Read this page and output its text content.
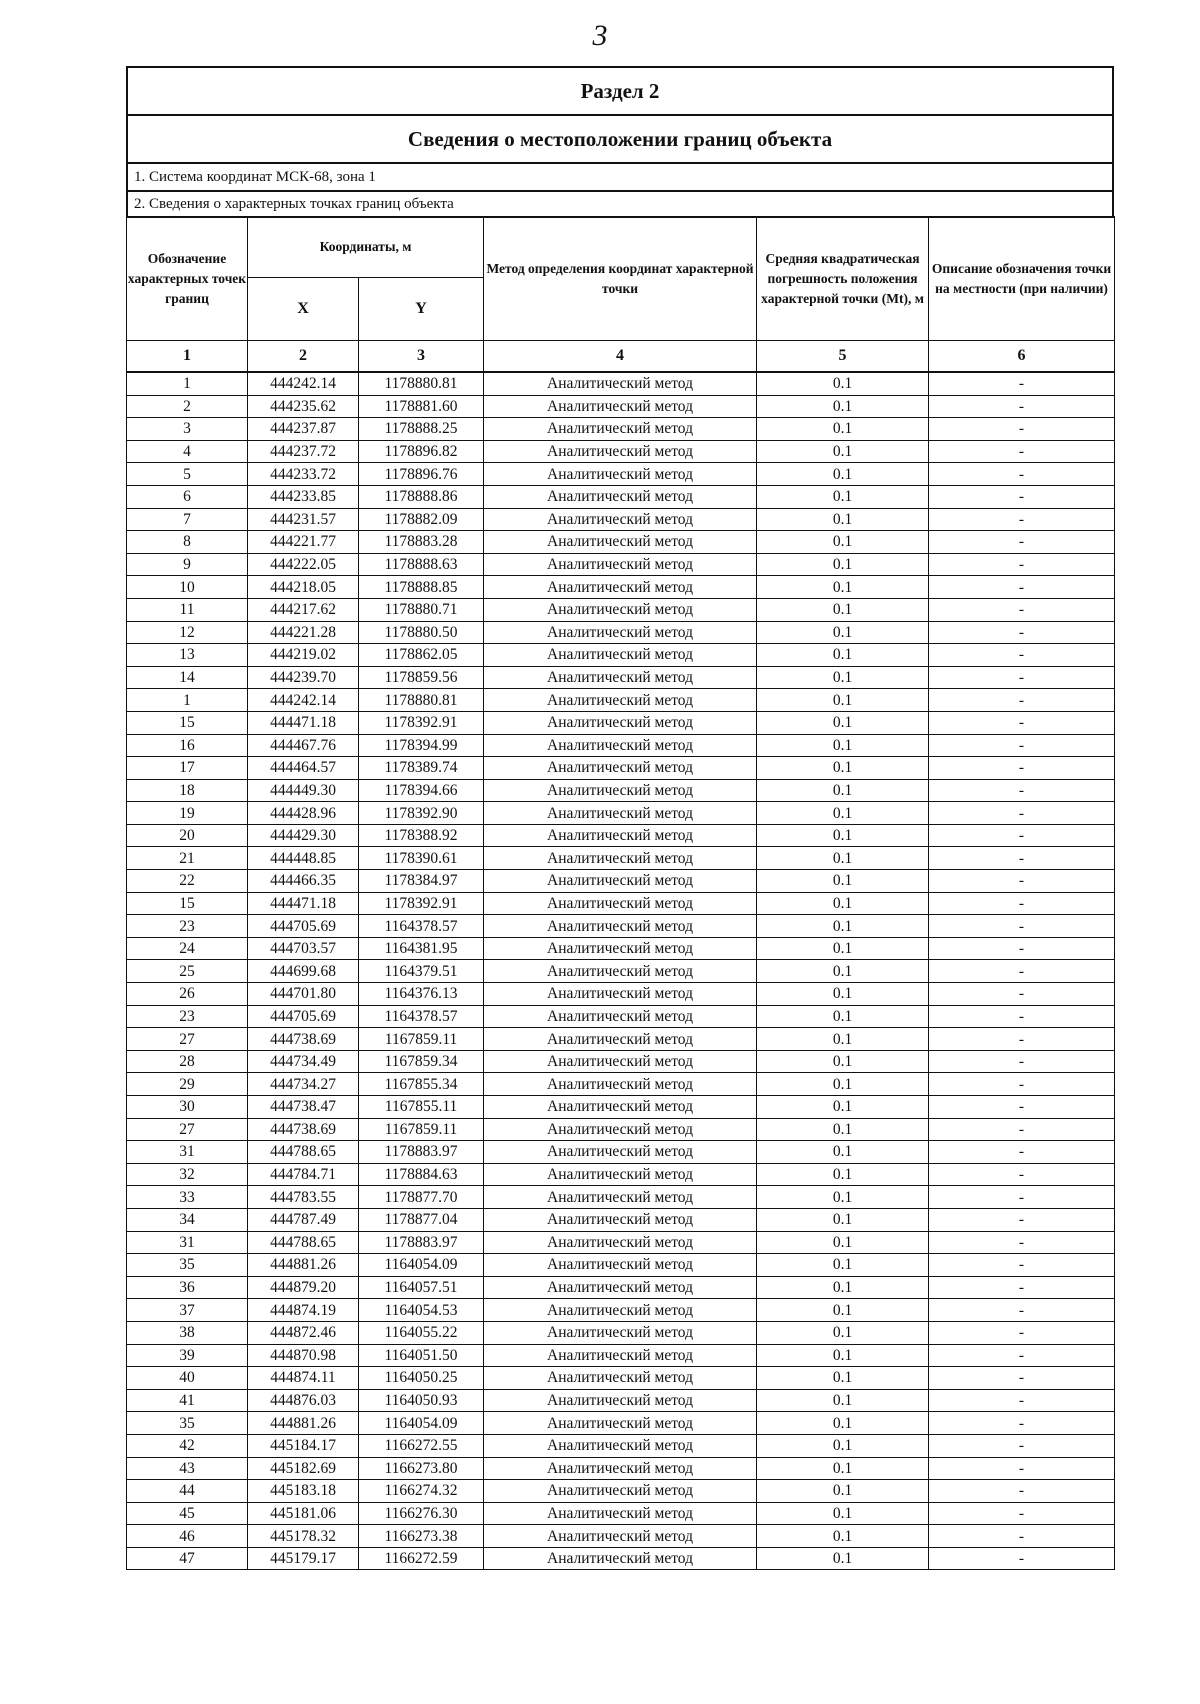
3
Раздел 2
Сведения о местоположении границ объекта
1. Система координат МСК-68, зона 1
2. Сведения о характерных точках границ объекта
Обозначение характерных точек границ	Координаты, м		Метод определения координат характерной точки	Средняя квадратическая погрешность положения характерной точки (Mt), м	Описание обозначения точки на местности (при наличии)
	X	Y			
1	2	3	4	5	6
1	444242.14	1178880.81	Аналитический метод	0.1	-
2	444235.62	1178881.60	Аналитический метод	0.1	-
3	444237.87	1178888.25	Аналитический метод	0.1	-
4	444237.72	1178896.82	Аналитический метод	0.1	-
5	444233.72	1178896.76	Аналитический метод	0.1	-
6	444233.85	1178888.86	Аналитический метод	0.1	-
7	444231.57	1178882.09	Аналитический метод	0.1	-
8	444221.77	1178883.28	Аналитический метод	0.1	-
9	444222.05	1178888.63	Аналитический метод	0.1	-
10	444218.05	1178888.85	Аналитический метод	0.1	-
11	444217.62	1178880.71	Аналитический метод	0.1	-
12	444221.28	1178880.50	Аналитический метод	0.1	-
13	444219.02	1178862.05	Аналитический метод	0.1	-
14	444239.70	1178859.56	Аналитический метод	0.1	-
1	444242.14	1178880.81	Аналитический метод	0.1	-
15	444471.18	1178392.91	Аналитический метод	0.1	-
16	444467.76	1178394.99	Аналитический метод	0.1	-
17	444464.57	1178389.74	Аналитический метод	0.1	-
18	444449.30	1178394.66	Аналитический метод	0.1	-
19	444428.96	1178392.90	Аналитический метод	0.1	-
20	444429.30	1178388.92	Аналитический метод	0.1	-
21	444448.85	1178390.61	Аналитический метод	0.1	-
22	444466.35	1178384.97	Аналитический метод	0.1	-
15	444471.18	1178392.91	Аналитический метод	0.1	-
23	444705.69	1164378.57	Аналитический метод	0.1	-
24	444703.57	1164381.95	Аналитический метод	0.1	-
25	444699.68	1164379.51	Аналитический метод	0.1	-
26	444701.80	1164376.13	Аналитический метод	0.1	-
23	444705.69	1164378.57	Аналитический метод	0.1	-
27	444738.69	1167859.11	Аналитический метод	0.1	-
28	444734.49	1167859.34	Аналитический метод	0.1	-
29	444734.27	1167855.34	Аналитический метод	0.1	-
30	444738.47	1167855.11	Аналитический метод	0.1	-
27	444738.69	1167859.11	Аналитический метод	0.1	-
31	444788.65	1178883.97	Аналитический метод	0.1	-
32	444784.71	1178884.63	Аналитический метод	0.1	-
33	444783.55	1178877.70	Аналитический метод	0.1	-
34	444787.49	1178877.04	Аналитический метод	0.1	-
31	444788.65	1178883.97	Аналитический метод	0.1	-
35	444881.26	1164054.09	Аналитический метод	0.1	-
36	444879.20	1164057.51	Аналитический метод	0.1	-
37	444874.19	1164054.53	Аналитический метод	0.1	-
38	444872.46	1164055.22	Аналитический метод	0.1	-
39	444870.98	1164051.50	Аналитический метод	0.1	-
40	444874.11	1164050.25	Аналитический метод	0.1	-
41	444876.03	1164050.93	Аналитический метод	0.1	-
35	444881.26	1164054.09	Аналитический метод	0.1	-
42	445184.17	1166272.55	Аналитический метод	0.1	-
43	445182.69	1166273.80	Аналитический метод	0.1	-
44	445183.18	1166274.32	Аналитический метод	0.1	-
45	445181.06	1166276.30	Аналитический метод	0.1	-
46	445178.32	1166273.38	Аналитический метод	0.1	-
47	445179.17	1166272.59	Аналитический метод	0.1	-
